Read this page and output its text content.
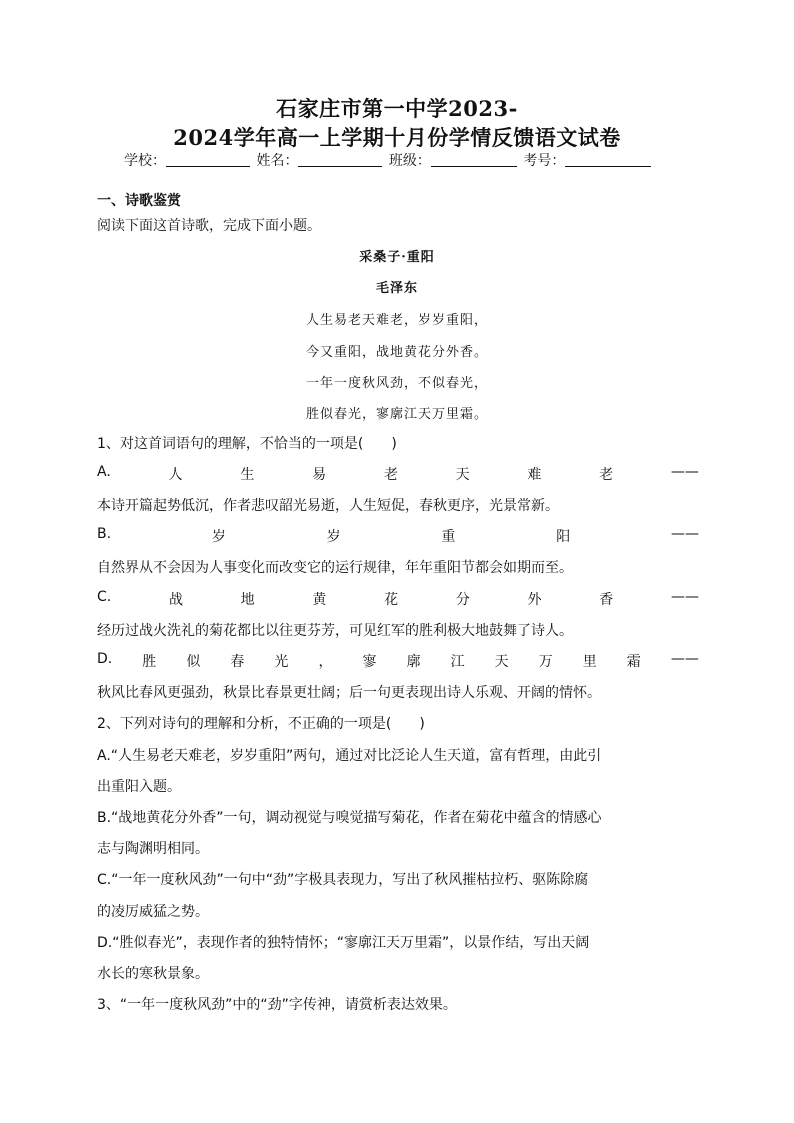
石家庄市第一中学2023-
2024学年高一上学期十月份学情反馈语文试卷
学校：	姓名：	班级：	考号：
一、诗歌鉴赏
阅读下面这首诗歌，完成下面小题。
采桑子·重阳
毛泽东
人生易老天难老，岁岁重阳，
今又重阳，战地黄花分外香。
一年一度秋风劲，不似春光，
胜似春光，寥廓江天万里霜。
1、对这首词语句的理解，不恰当的一项是(　　)
A.	人	生	易	老	天	难	老	——
本诗开篇起势低沉，作者悲叹韶光易逝，人生短促，春秋更序，光景常新。
B.	岁	岁	重	阳	——
自然界从不会因为人事变化而改变它的运行规律，年年重阳节都会如期而至。
C.	战	地	黄	花	分	外	香	——
经历过战火洗礼的菊花都比以往更芬芳，可见红军的胜利极大地鼓舞了诗人。
D. 胜 似 春 光 ， 寥 廓 江 天 万 里 霜 ——
秋风比春风更强劲，秋景比春景更壮阔；后一句更表现出诗人乐观、开阔的情怀。
2、下列对诗句的理解和分析，不正确的一项是(　　)
A.“人生易老天难老，岁岁重阳”两句，通过对比泛论人生天道，富有哲理，由此引
出重阳入题。
B.“战地黄花分外香”一句，调动视觉与嗅觉描写菊花，作者在菊花中蕴含的情感心
志与陶渊明相同。
C.“一年一度秋风劲”一句中“劲”字极具表现力，写出了秋风摧枯拉朽、驱陈除腐
的凌厉威猛之势。
D.“胜似春光”，表现作者的独特情怀；“寥廓江天万里霜”，以景作结，写出天阔
水长的寒秋景象。
3、“一年一度秋风劲”中的“劲”字传神，请赏析表达效果。
